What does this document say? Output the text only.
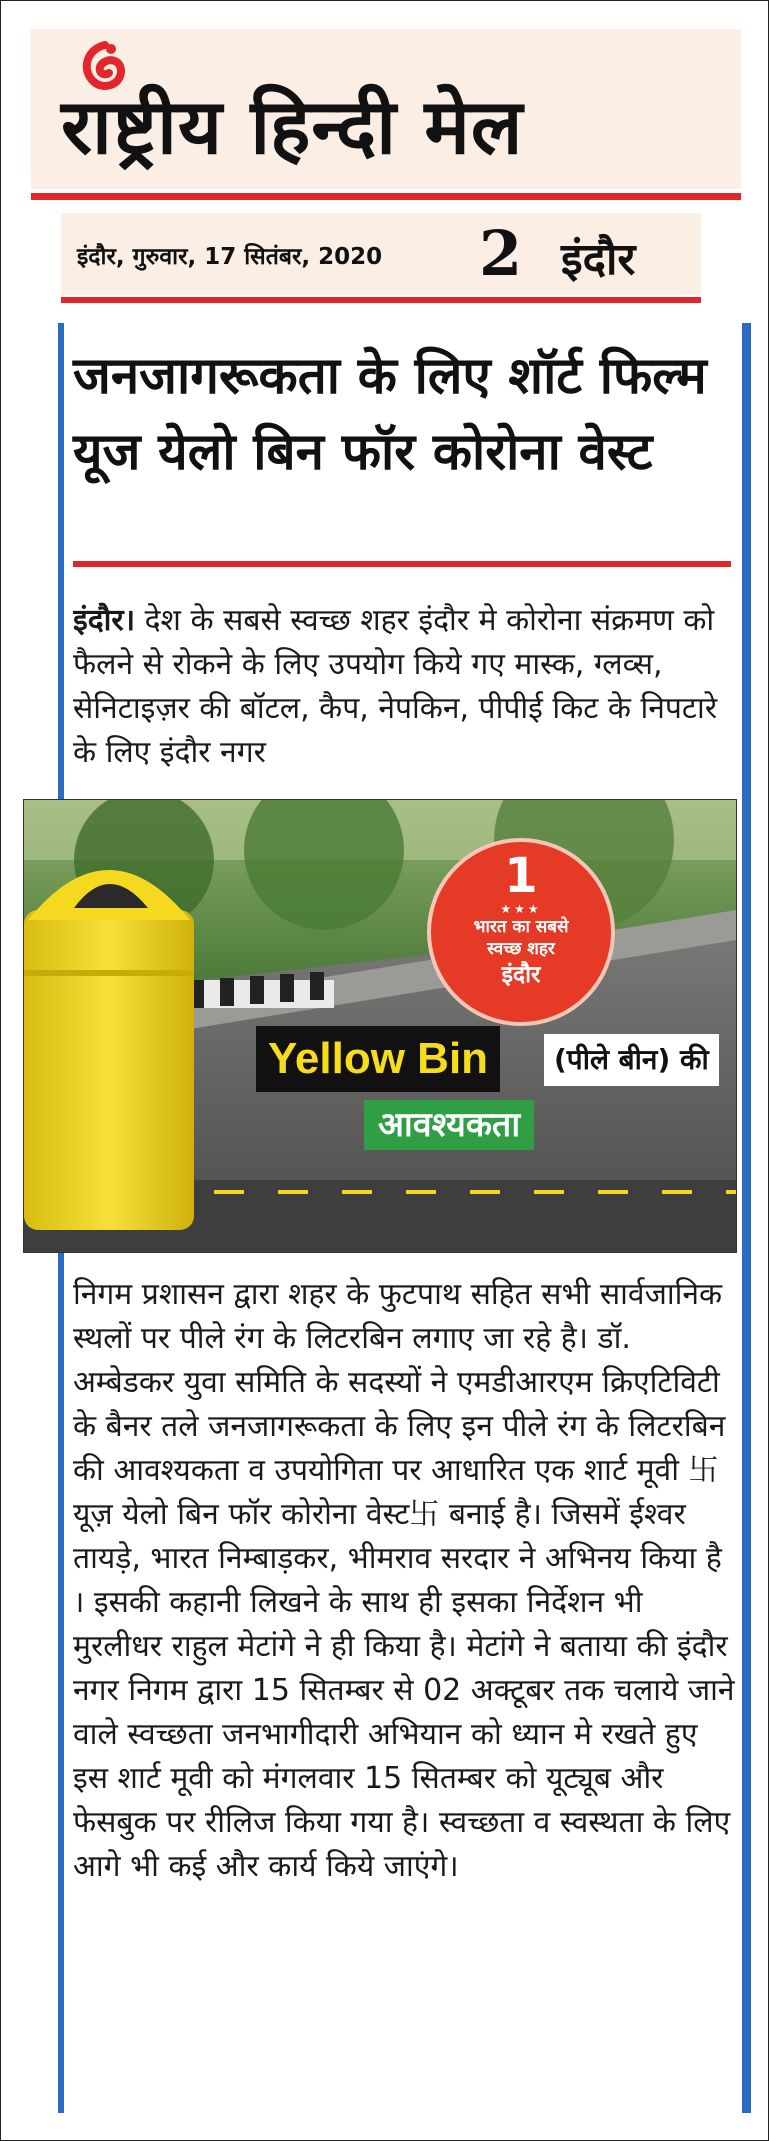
राष्ट्रीय हिन्दी मेल
इंदौर, गुरुवार, 17 सितंबर, 2020 2 इंदौर
जनजागरूकता के लिए शॉर्ट फिल्म यूज येलो बिन फॉर कोरोना वेस्ट
इंदौर। देश के सबसे स्वच्छ शहर इंदौर मे कोरोना संक्रमण को फैलने से रोकने के लिए उपयोग किये गए मास्क, ग्लव्स, सेनिटाइज़र की बॉटल, कैप, नेपकिन, पीपीई किट के निपटारे के लिए इंदौर नगर
1
★★★
भारत का सबसे
स्वच्छ शहर
इंदौर
Yellow Bin	(पीले बीन) की
आवश्यकता
निगम प्रशासन द्वारा शहर के फुटपाथ सहित सभी सार्वजानिक स्थलों पर पीले रंग के लिटरबिन लगाए जा रहे है। डॉ. अम्बेडकर युवा समिति के सदस्यों ने एमडीआरएम क्रिएटिविटी के बैनर तले जनजागरूकता के लिए इन पीले रंग के लिटरबिन की आवश्यकता व उपयोगिता पर आधारित एक शार्ट मूवी 卐यूज़ येलो बिन फॉर कोरोना वेस्ट卐 बनाई है। जिसमें ईश्वर तायड़े, भारत निम्बाड़कर, भीमराव सरदार ने अभिनय किया है । इसकी कहानी लिखने के साथ ही इसका निर्देशन भी मुरलीधर राहुल मेटांगे ने ही किया है। मेटांगे ने बताया की इंदौर नगर निगम द्वारा 15 सितम्बर से 02 अक्टूबर तक चलाये जाने वाले स्वच्छता जनभागीदारी अभियान को ध्यान मे रखते हुए इस शार्ट मूवी को मंगलवार 15 सितम्बर को यूट्यूब और फेसबुक पर रीलिज किया गया है। स्वच्छता व स्वस्थता के लिए आगे भी कई और कार्य किये जाएंगे।
